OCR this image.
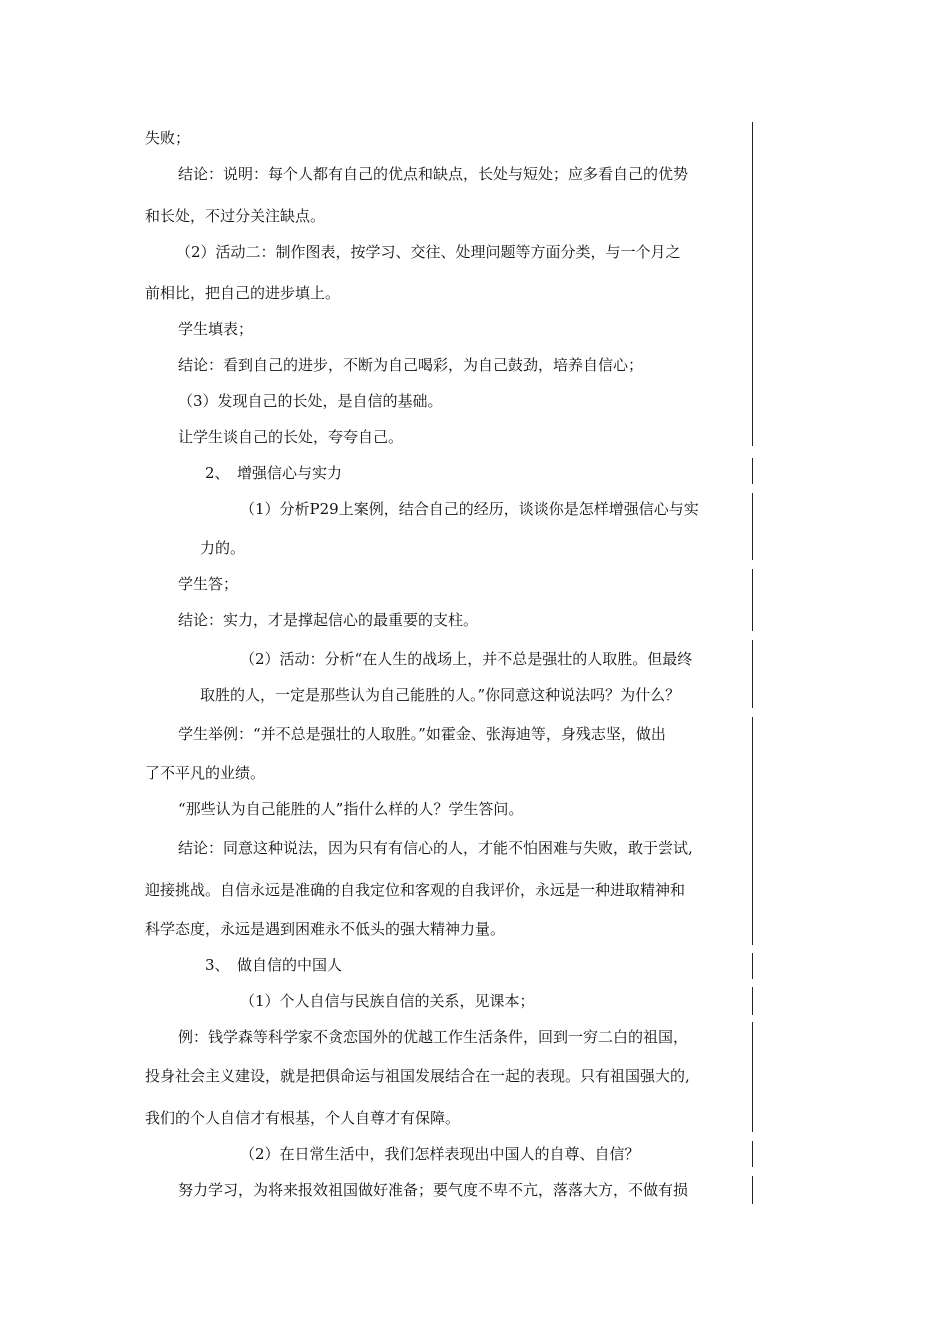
失败；

结论：说明：每个人都有自己的优点和缺点，长处与短处；应多看自己的优势

和长处，不过分关注缺点。

（2）活动二：制作图表，按学习、交往、处理问题等方面分类，与一个月之

前相比，把自己的进步填上。

学生填表；

结论：看到自己的进步，不断为自己喝彩，为自己鼓劲，培养自信心；

（3）发现自己的长处，是自信的基础。

让学生谈自己的长处，夸夸自己。

2、　增强信心与实力

（1）分析P29上案例，结合自己的经历，谈谈你是怎样增强信心与实

力的。

学生答；

结论：实力，才是撑起信心的最重要的支柱。

（2）活动：分析“在人生的战场上，并不总是强壮的人取胜。但最终

取胜的人，一定是那些认为自己能胜的人。”你同意这种说法吗？为什么？

学生举例：“并不总是强壮的人取胜。”如霍金、张海迪等，身残志坚，做出

了不平凡的业绩。

“那些认为自己能胜的人”指什么样的人？学生答问。

结论：同意这种说法，因为只有有信心的人，才能不怕困难与失败，敢于尝试,

迎接挑战。自信永远是准确的自我定位和客观的自我评价，永远是一种进取精神和

科学态度，永远是遇到困难永不低头的强大精神力量。

3、　做自信的中国人

（1）个人自信与民族自信的关系，见课本；

例：钱学森等科学家不贪恋国外的优越工作生活条件，回到一穷二白的祖国，

投身社会主义建设，就是把俱命运与祖国发展结合在一起的表现。只有祖国强大的,

我们的个人自信才有根基，个人自尊才有保障。

（2）在日常生活中，我们怎样表现出中国人的自尊、自信？

努力学习，为将来报效祖国做好准备；要气度不卑不亢，落落大方，不做有损
